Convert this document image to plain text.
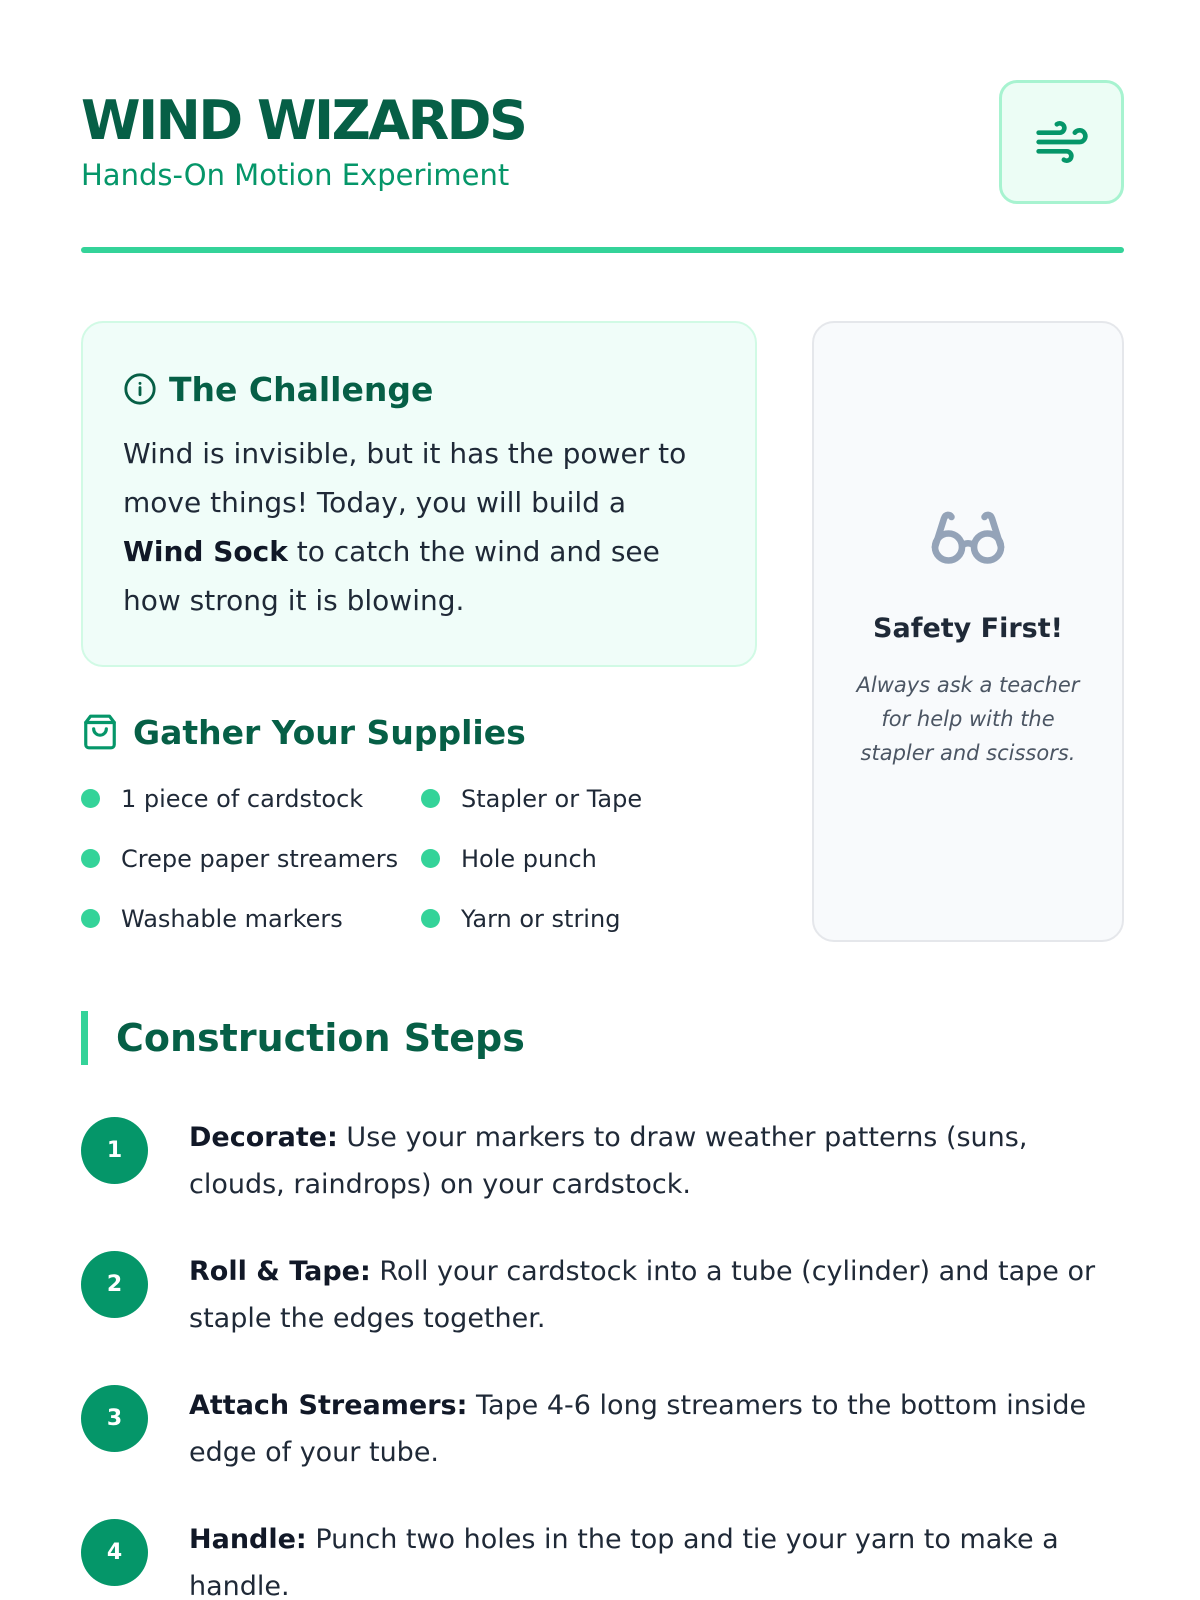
WIND WIZARDS
Hands-On Motion Experiment
The Challenge

Wind is invisible, but it has the power to move things! Today, you will build a Wind Sock to catch the wind and see how strong it is blowing.

Safety First!
Always ask a teacher for help with the stapler and scissors.
Gather Your Supplies
1 piece of cardstock	Stapler or Tape
Crepe paper streamers	Hole punch
Washable markers	Yarn or string
Construction Steps
1	Decorate: Use your markers to draw weather patterns (suns, clouds, raindrops) on your cardstock.

2	Roll & Tape: Roll your cardstock into a tube (cylinder) and tape or staple the edges together.

3	Attach Streamers: Tape 4-6 long streamers to the bottom inside edge of your tube.

4	Handle: Punch two holes in the top and tie your yarn to make a handle.
